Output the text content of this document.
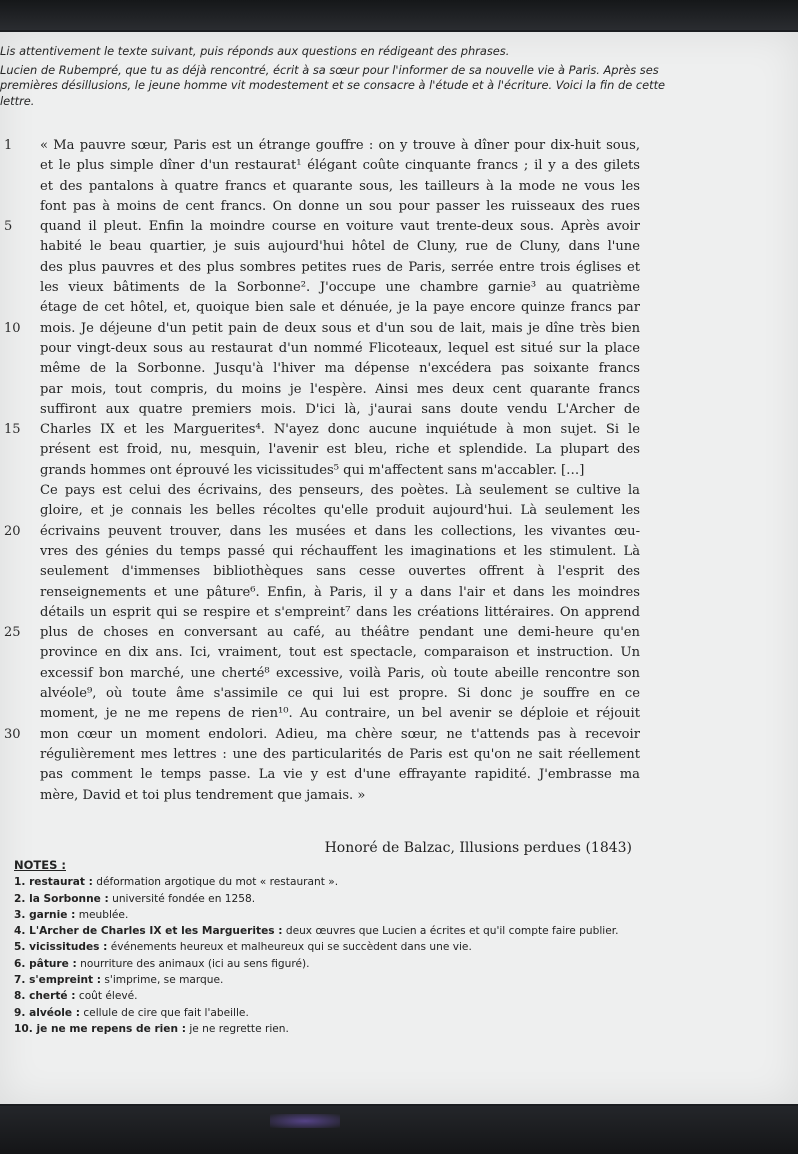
Lis attentivement le texte suivant, puis réponds aux questions en rédigeant des phrases.

Lucien de Rubempré, que tu as déjà rencontré, écrit à sa sœur pour l'informer de sa nouvelle vie à Paris. Après ses premières désillusions, le jeune homme vit modestement et se consacre à l'étude et à l'écriture. Voici la fin de cette lettre.

1	« Ma pauvre sœur, Paris est un étrange gouffre : on y trouve à dîner pour dix-huit sous,
et le plus simple dîner d'un restaurat¹ élégant coûte cinquante francs ; il y a des gilets
et des pantalons à quatre francs et quarante sous, les tailleurs à la mode ne vous les
font pas à moins de cent francs. On donne un sou pour passer les ruisseaux des rues
5	quand il pleut. Enfin la moindre course en voiture vaut trente-deux sous. Après avoir
habité le beau quartier, je suis aujourd'hui hôtel de Cluny, rue de Cluny, dans l'une
des plus pauvres et des plus sombres petites rues de Paris, serrée entre trois églises et
les vieux bâtiments de la Sorbonne². J'occupe une chambre garnie³ au quatrième
étage de cet hôtel, et, quoique bien sale et dénuée, je la paye encore quinze francs par
10	mois. Je déjeune d'un petit pain de deux sous et d'un sou de lait, mais je dîne très bien
pour vingt-deux sous au restaurat d'un nommé Flicoteaux, lequel est situé sur la place
même de la Sorbonne. Jusqu'à l'hiver ma dépense n'excédera pas soixante francs
par mois, tout compris, du moins je l'espère. Ainsi mes deux cent quarante francs
suffiront aux quatre premiers mois. D'ici là, j'aurai sans doute vendu L'Archer de
15	Charles IX et les Marguerites⁴. N'ayez donc aucune inquiétude à mon sujet. Si le
présent est froid, nu, mesquin, l'avenir est bleu, riche et splendide. La plupart des
grands hommes ont éprouvé les vicissitudes⁵ qui m'affectent sans m'accabler. […]
Ce pays est celui des écrivains, des penseurs, des poètes. Là seulement se cultive la
gloire, et je connais les belles récoltes qu'elle produit aujourd'hui. Là seulement les
20	écrivains peuvent trouver, dans les musées et dans les collections, les vivantes œu-
vres des génies du temps passé qui réchauffent les imaginations et les stimulent. Là
seulement d'immenses bibliothèques sans cesse ouvertes offrent à l'esprit des
renseignements et une pâture⁶. Enfin, à Paris, il y a dans l'air et dans les moindres
détails un esprit qui se respire et s'empreint⁷ dans les créations littéraires. On apprend
25	plus de choses en conversant au café, au théâtre pendant une demi-heure qu'en
province en dix ans. Ici, vraiment, tout est spectacle, comparaison et instruction. Un
excessif bon marché, une cherté⁸ excessive, voilà Paris, où toute abeille rencontre son
alvéole⁹, où toute âme s'assimile ce qui lui est propre. Si donc je souffre en ce
moment, je ne me repens de rien¹⁰. Au contraire, un bel avenir se déploie et réjouit
30	mon cœur un moment endolori. Adieu, ma chère sœur, ne t'attends pas à recevoir
régulièrement mes lettres : une des particularités de Paris est qu'on ne sait réellement
pas comment le temps passe. La vie y est d'une effrayante rapidité. J'embrasse ma
mère, David et toi plus tendrement que jamais. »
Honoré de Balzac, Illusions perdues (1843)
NOTES :
1. restaurat : déformation argotique du mot « restaurant ».
2. la Sorbonne : université fondée en 1258.
3. garnie : meublée.
4. L'Archer de Charles IX et les Marguerites : deux œuvres que Lucien a écrites et qu'il compte faire publier.
5. vicissitudes : événements heureux et malheureux qui se succèdent dans une vie.
6. pâture : nourriture des animaux (ici au sens figuré).
7. s'empreint : s'imprime, se marque.
8. cherté : coût élevé.
9. alvéole : cellule de cire que fait l'abeille.
10. je ne me repens de rien : je ne regrette rien.
